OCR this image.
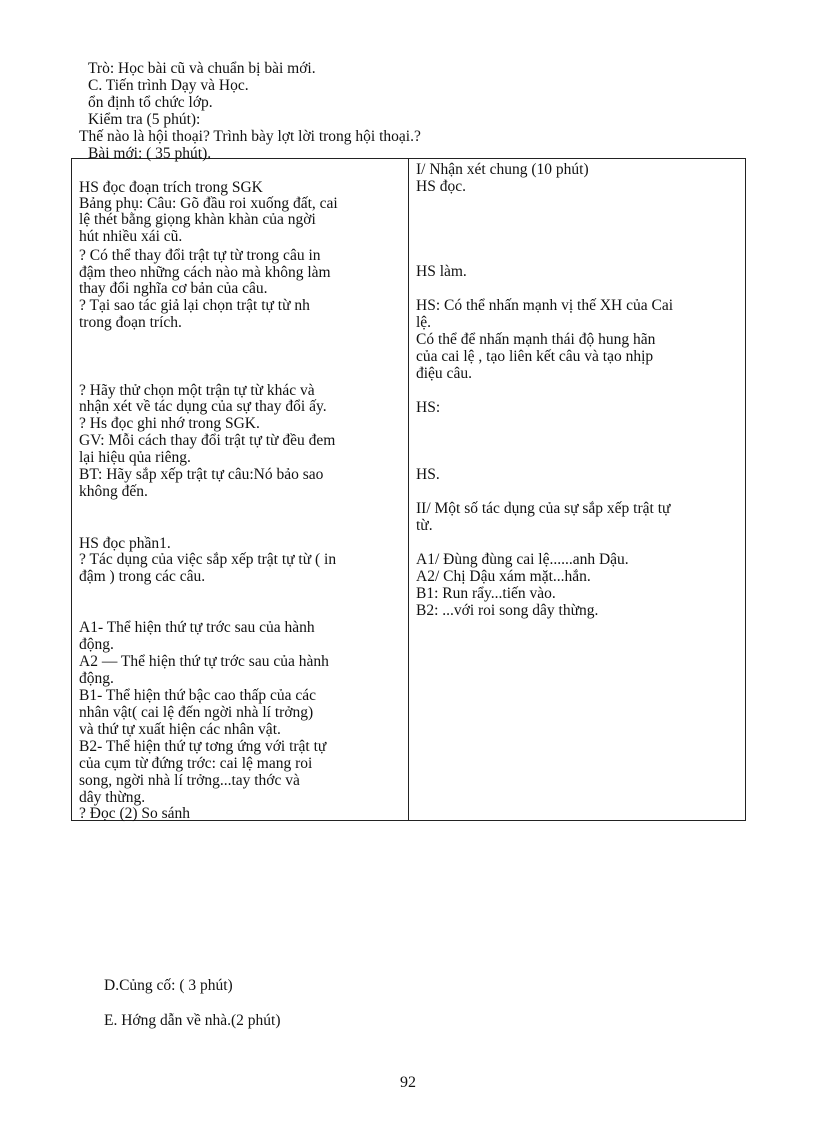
Trò: Học bài cũ và chuẩn bị bài mới.
C. Tiến trình Dạy và Học.
ổn định tổ chức lớp.
Kiểm tra (5 phút):
Thế nào là hội thoại? Trình bày lợt lời trong hội thoại.?
Bài mới: ( 35 phút).
HS đọc đoạn trích trong SGK
Bảng phụ: Câu: Gõ đầu roi xuống đất, cai
lệ thét bằng giọng khàn khàn của ngời
hút nhiều xái cũ.
? Có thể thay đổi trật tự từ trong câu in
đậm theo những cách nào mà không làm
thay đổi nghĩa cơ bản của câu.
? Tại sao tác giả lại chọn trật tự từ nh
trong đoạn trích.
? Hãy thử chọn một trận tự từ khác và
nhận xét về tác dụng của sự thay đổi ấy.
? Hs đọc ghi nhớ trong SGK.
GV: Mỗi cách thay đổi trật tự từ đều đem
lại hiệu qủa riêng.
BT: Hãy sắp xếp trật tự câu:Nó bảo sao
không đến.
HS đọc phần1.
? Tác dụng của việc sắp xếp trật tự từ ( in
đậm ) trong các câu.
A1- Thể hiện thứ tự trớc sau của hành
động.
A2 — Thể hiện thứ tự trớc sau của hành
động.
B1- Thể hiện thứ bậc cao thấp của các
nhân vật( cai lệ đến ngời nhà lí trởng)
và thứ tự xuất hiện các nhân vật.
B2- Thể hiện thứ tự tơng ứng với trật tự
của cụm từ đứng trớc: cai lệ mang roi
song, ngời nhà lí trởng...tay thớc và
dây thừng.
? Đọc (2) So sánh
I/ Nhận xét chung (10 phút)
HS đọc.
HS làm.
HS: Có thể nhấn mạnh vị thế XH của Cai
lệ.
Có thể để nhấn mạnh thái độ hung hãn
của cai lệ , tạo liên kết câu và tạo nhịp
điệu câu.
HS:
HS.
II/ Một số tác dụng của sự sắp xếp trật tự
từ.
A1/ Đùng đùng cai lệ......anh Dậu.
A2/ Chị Dậu xám mặt...hắn.
B1: Run rẩy...tiến vào.
B2: ...với roi song dây thừng.
D.Củng cố: ( 3 phút)
E. Hớng dẫn về nhà.(2 phút)
92
